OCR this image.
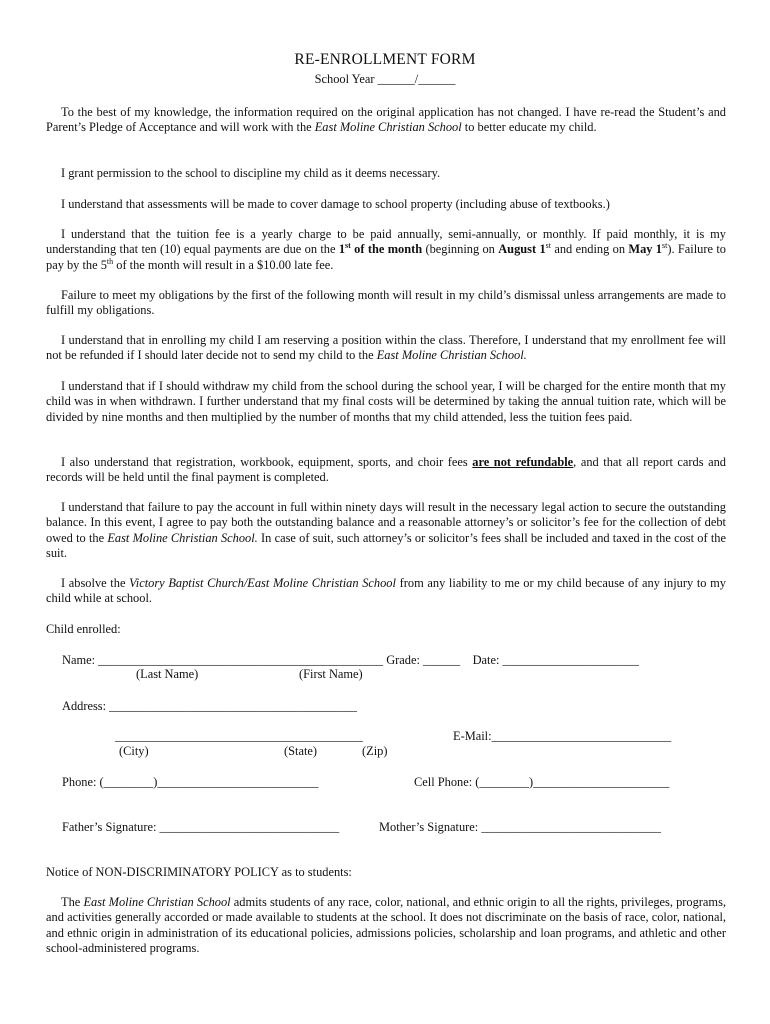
RE-ENROLLMENT FORM
School Year ______/______
To the best of my knowledge, the information required on the original application has not changed. I have re-read the Student’s and Parent’s Pledge of Acceptance and will work with the East Moline Christian School to better educate my child.
I grant permission to the school to discipline my child as it deems necessary.
I understand that assessments will be made to cover damage to school property (including abuse of textbooks.)
I understand that the tuition fee is a yearly charge to be paid annually, semi-annually, or monthly. If paid monthly, it is my understanding that ten (10) equal payments are due on the 1st of the month (beginning on August 1st and ending on May 1st). Failure to pay by the 5th of the month will result in a $10.00 late fee.
Failure to meet my obligations by the first of the following month will result in my child’s dismissal unless arrangements are made to fulfill my obligations.
I understand that in enrolling my child I am reserving a position within the class. Therefore, I understand that my enrollment fee will not be refunded if I should later decide not to send my child to the East Moline Christian School.
I understand that if I should withdraw my child from the school during the school year, I will be charged for the entire month that my child was in when withdrawn. I further understand that my final costs will be determined by taking the annual tuition rate, which will be divided by nine months and then multiplied by the number of months that my child attended, less the tuition fees paid.
I also understand that registration, workbook, equipment, sports, and choir fees are not refundable, and that all report cards and records will be held until the final payment is completed.
I understand that failure to pay the account in full within ninety days will result in the necessary legal action to secure the outstanding balance. In this event, I agree to pay both the outstanding balance and a reasonable attorney’s or solicitor’s fee for the collection of debt owed to the East Moline Christian School. In case of suit, such attorney’s or solicitor’s fees shall be included and taxed in the cost of the suit.
I absolve the Victory Baptist Church/East Moline Christian School from any liability to me or my child because of any injury to my child while at school.
Child enrolled:
Name: ______________________________________________ Grade: ______    Date: ______________________
(Last Name)	(First Name)
Address: ________________________________________
________________________________________	E-Mail:_____________________________
(City)	(State)	(Zip)
Phone: (________)__________________________	Cell Phone: (________)______________________
Father’s Signature: _____________________________	Mother’s Signature: _____________________________
Notice of NON-DISCRIMINATORY POLICY as to students:
The East Moline Christian School admits students of any race, color, national, and ethnic origin to all the rights, privileges, programs, and activities generally accorded or made available to students at the school. It does not discriminate on the basis of race, color, national, and ethnic origin in administration of its educational policies, admissions policies, scholarship and loan programs, and athletic and other school-administered programs.
